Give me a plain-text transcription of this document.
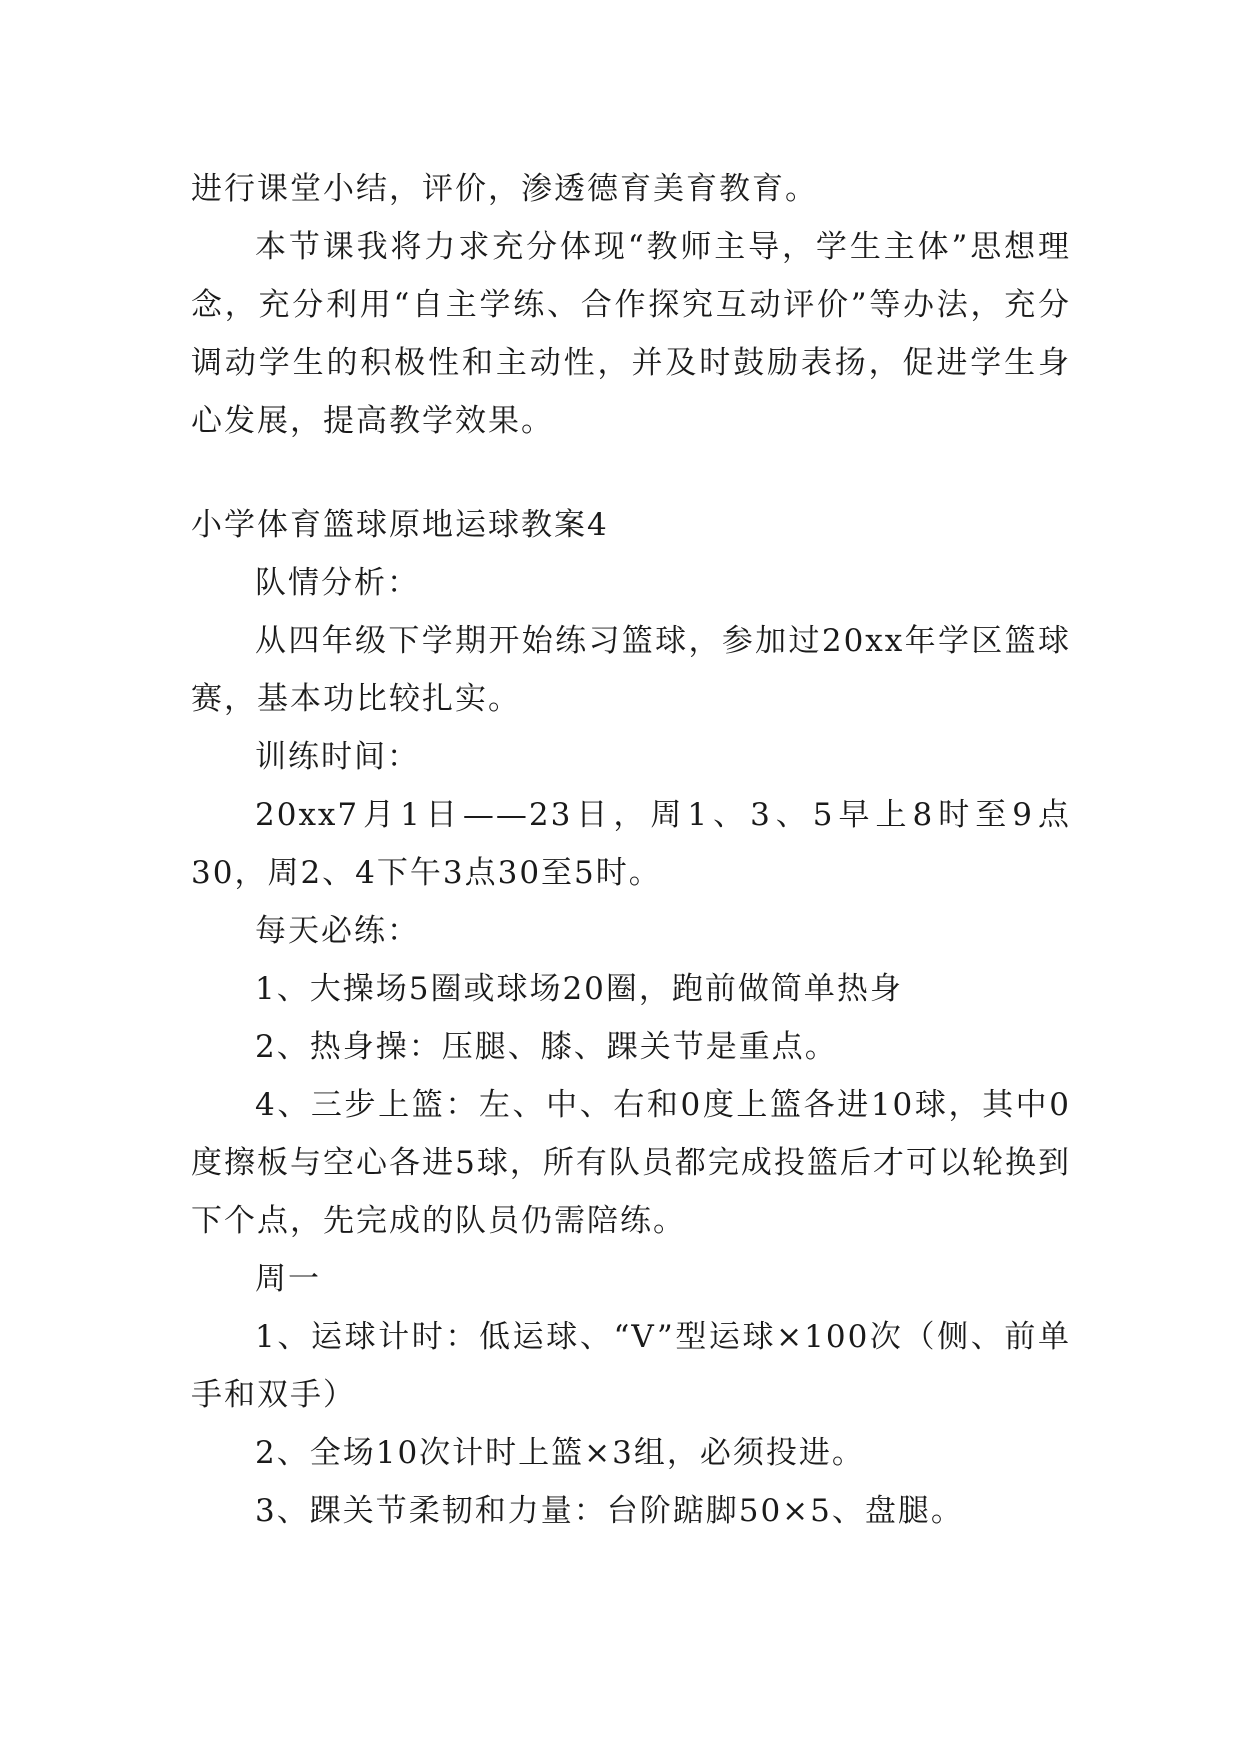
进行课堂小结，评价，渗透德育美育教育。

本节课我将力求充分体现“教师主导，学生主体”思想理念，充分利用“自主学练、合作探究互动评价”等办法，充分调动学生的积极性和主动性，并及时鼓励表扬，促进学生身心发展，提高教学效果。

小学体育篮球原地运球教案4

队情分析：

从四年级下学期开始练习篮球，参加过20xx年学区篮球赛，基本功比较扎实。

训练时间：

20xx7月1日——23日，周1、3、5早上8时至9点30，周2、4下午3点30至5时。

每天必练：

1、大操场5圈或球场20圈，跑前做简单热身

2、热身操：压腿、膝、踝关节是重点。

4、三步上篮：左、中、右和0度上篮各进10球，其中0度擦板与空心各进5球，所有队员都完成投篮后才可以轮换到下个点，先完成的队员仍需陪练。

周一

1、运球计时：低运球、“V”型运球×100次（侧、前单手和双手）

2、全场10次计时上篮×3组，必须投进。

3、踝关节柔韧和力量：台阶踮脚50×5、盘腿。
